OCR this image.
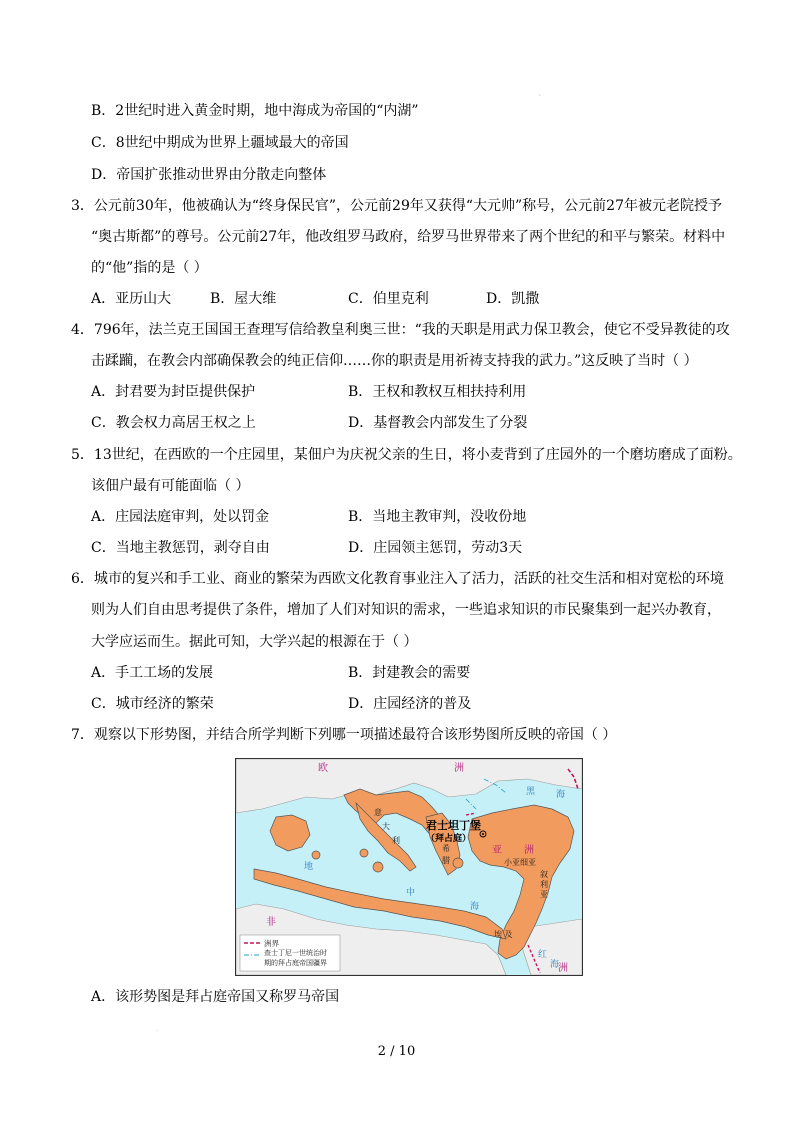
,
B．2世纪时进入黄金时期，地中海成为帝国的“内湖”
C．8世纪中期成为世界上疆域最大的帝国
D．帝国扩张推动世界由分散走向整体
3．公元前30年，他被确认为“终身保民官”，公元前29年又获得“大元帅”称号，公元前27年被元老院授予
“奥古斯都”的尊号。公元前27年，他改组罗马政府，给罗马世界带来了两个世纪的和平与繁荣。材料中
的“他”指的是（ ）
A．亚历山大	B．屋大维	C．伯里克利	D．凯撒
4．796年，法兰克王国国王查理写信给教皇利奥三世：“我的天职是用武力保卫教会，使它不受异教徒的攻
击蹂躏，在教会内部确保教会的纯正信仰……你的职责是用祈祷支持我的武力。”这反映了当时（ ）
A．封君要为封臣提供保护	B．王权和教权互相扶持利用
C．教会权力高居王权之上	D．基督教会内部发生了分裂
5．13世纪，在西欧的一个庄园里，某佃户为庆祝父亲的生日，将小麦背到了庄园外的一个磨坊磨成了面粉。
该佃户最有可能面临（ ）
A．庄园法庭审判，处以罚金	B．当地主教审判，没收份地
C．当地主教惩罚，剥夺自由	D．庄园领主惩罚，劳动3天
6．城市的复兴和手工业、商业的繁荣为西欧文化教育事业注入了活力，活跃的社交生活和相对宽松的环境
则为人们自由思考提供了条件，增加了人们对知识的需求，一些追求知识的市民聚集到一起兴办教育，
大学应运而生。据此可知，大学兴起的根源在于（ ）
A．手工工场的发展	B．封建教会的需要
C．城市经济的繁荣	D．庄园经济的普及
7．观察以下形势图，并结合所学判断下列哪一项描述最符合该形势图所反映的帝国（ ）
洲界
查士丁尼一世统治时
期的拜占庭帝国疆界
欧	洲
亚 洲
非
洲
黑 海
地
中
海
红
海
意
大
利
希
腊	小亚细亚
叙
利
亚
埃 及
君士坦丁堡
（拜占庭）
A．该形势图是拜占庭帝国又称罗马帝国
.
2 / 10
